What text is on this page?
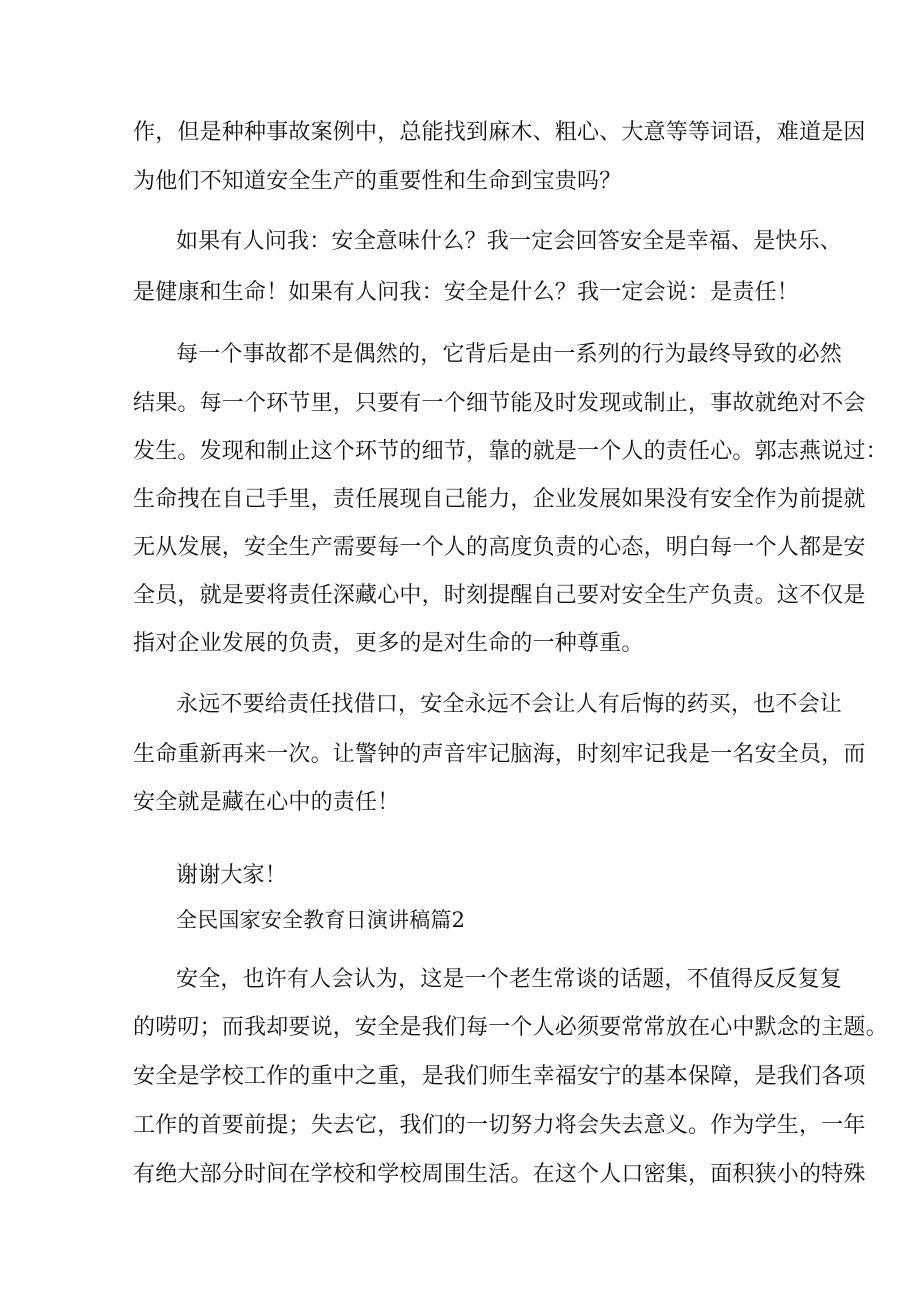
作，但是种种事故案例中，总能找到麻木、粗心、大意等等词语，难道是因
为他们不知道安全生产的重要性和生命到宝贵吗？
如果有人问我：安全意味什么？我一定会回答安全是幸福、是快乐、
是健康和生命！如果有人问我：安全是什么？我一定会说：是责任！
每一个事故都不是偶然的，它背后是由一系列的行为最终导致的必然
结果。每一个环节里，只要有一个细节能及时发现或制止，事故就绝对不会
发生。发现和制止这个环节的细节，靠的就是一个人的责任心。郭志燕说过：
生命拽在自己手里，责任展现自己能力，企业发展如果没有安全作为前提就
无从发展，安全生产需要每一个人的高度负责的心态，明白每一个人都是安
全员，就是要将责任深藏心中，时刻提醒自己要对安全生产负责。这不仅是
指对企业发展的负责，更多的是对生命的一种尊重。
永远不要给责任找借口，安全永远不会让人有后悔的药买，也不会让
生命重新再来一次。让警钟的声音牢记脑海，时刻牢记我是一名安全员，而
安全就是藏在心中的责任！
谢谢大家！
全民国家安全教育日演讲稿篇2
安全，也许有人会认为，这是一个老生常谈的话题，不值得反反复复
的唠叨；而我却要说，安全是我们每一个人必须要常常放在心中默念的主题。
安全是学校工作的重中之重，是我们师生幸福安宁的基本保障，是我们各项
工作的首要前提；失去它，我们的一切努力将会失去意义。作为学生，一年
有绝大部分时间在学校和学校周围生活。在这个人口密集，面积狭小的特殊
